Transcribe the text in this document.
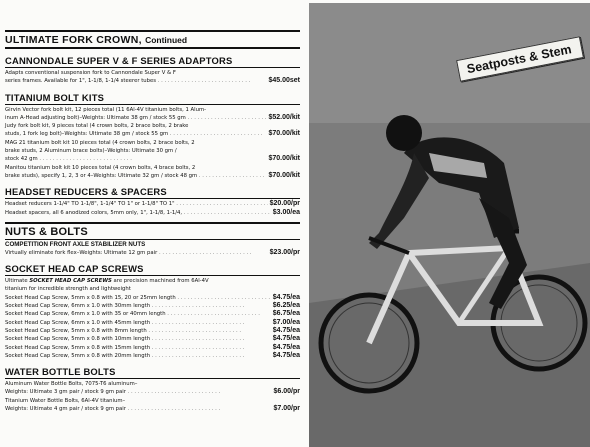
ULTIMATE FORK CROWN, Continued
CANNONDALE SUPER V & F SERIES ADAPTORS
Adapts conventional suspension fork to Cannondale Super V & F
series frames. Available for 1", 1-1/8, 1-1/4 steerer tubes . . .	$45.00set
TITANIUM BOLT KITS
Girvin Vector fork bolt kit, 12 pieces total (11 6Al-4V titanium bolts, 1 Alum-
inum A-Head adjusting bolt)–Weights: Ultimate 38 gm / stock 55 gm . . .	$52.00/kit
Judy fork bolt kit, 9 pieces total (4 crown bolts, 2 brace bolts, 2 brake
studs, 1 fork leg bolt)–Weights: Ultimate 38 gm / stock 55 gm . . .	$70.00/kit
MAG 21 titanium bolt kit 10 pieces total (4 crown bolts, 2 brace bolts, 2
brake studs, 2 Aluminum brace bolts)–Weights: Ultimate 30 gm /
stock 42 gm . . .	$70.00/kit
Manitou titanium bolt kit 10 pieces total (4 crown bolts, 4 brace bolts, 2
brake studs), specify 1, 2, 3 or 4–Weights: Ultimate 32 gm / stock 48 gm . . .	$70.00/kit
HEADSET REDUCERS & SPACERS
Headset reducers 1-1/4" TO 1-1/8", 1-1/4" TO 1" or 1-1/8" TO 1" . . .	$20.00/pr
Headset spacers, all 6 anodized colors, 5mm only, 1", 1-1/8, 1-1/4, . . .	$3.00/ea
NUTS & BOLTS
COMPETITION FRONT AXLE STABILIZER NUTS
Virtually eliminate fork flex–Weights: Ultimate 12 gm pair . . .	$23.00/pr
SOCKET HEAD CAP SCREWS
Ultimate SOCKET HEAD CAP SCREWS are precision machined from 6Al-4V
titanium for incredible strength and lightweight
Socket Head Cap Screw, 5mm x 0.8 with 15, 20 or 25mm length . . .	$4.75/ea
Socket Head Cap Screw, 6mm x 1.0 with 30mm length . . .	$6.25/ea
Socket Head Cap Screw, 6mm x 1.0 with 35 or 40mm length . . .	$6.75/ea
Socket Head Cap Screw, 6mm x 1.0 with 45mm length . . .	$7.00/ea
Socket Head Cap Screw, 5mm x 0.8 with 8mm length . . .	$4.75/ea
Socket Head Cap Screw, 5mm x 0.8 with 10mm length . . .	$4.75/ea
Socket Head Cap Screw, 5mm x 0.8 with 15mm length . . .	$4.75/ea
Socket Head Cap Screw, 5mm x 0.8 with 20mm length . . .	$4.75/ea
WATER BOTTLE BOLTS
Aluminum Water Bottle Bolts, 7075-T6 aluminum–
Weights: Ultimate 3 gm pair / stock 9 gm pair . . .	$6.00/pr
Titanium Water Bottle Bolts, 6Al-4V titanium–
Weights: Ultimate 4 gm pair / stock 9 gm pair . . .	$7.00/pr
Seatposts & Stem
